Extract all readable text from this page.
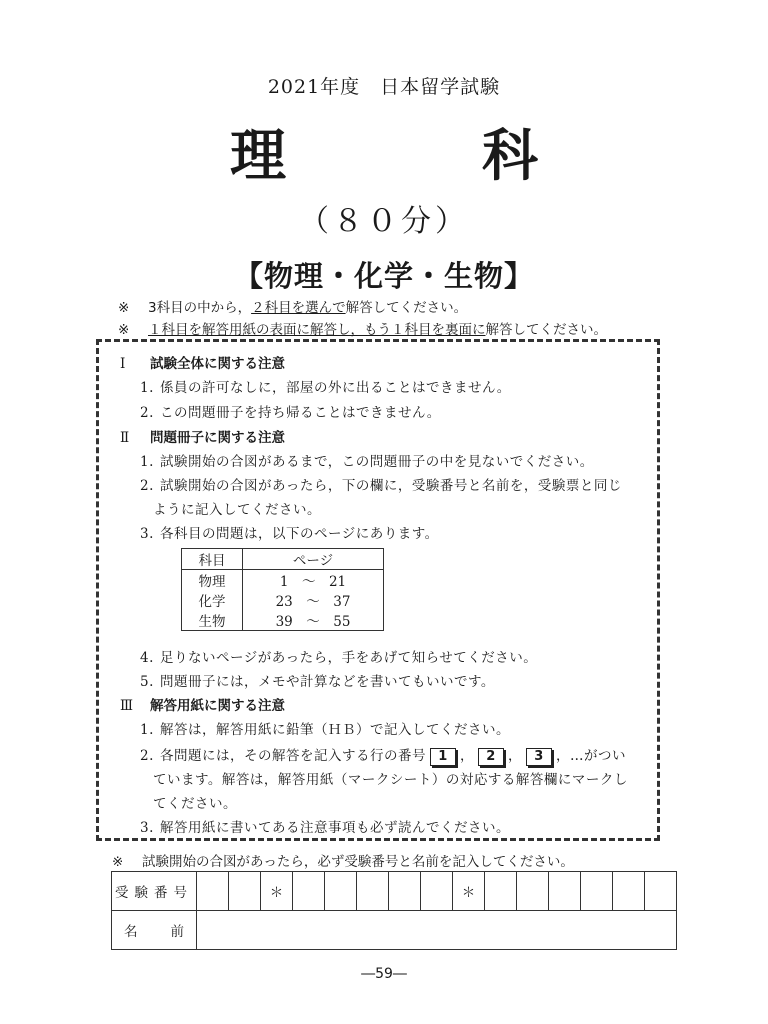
2021年度　日本留学試験
理　科
（８０分）
【物理・化学・生物】
※ 3科目の中から，２科目を選んで解答してください。
※ １科目を解答用紙の表面に解答し，もう１科目を裏面に解答してください。
Ⅰ 試験全体に関する注意
1. 係員の許可なしに，部屋の外に出ることはできません。
2. この問題冊子を持ち帰ることはできません。
Ⅱ 問題冊子に関する注意
1. 試験開始の合図があるまで，この問題冊子の中を見ないでください。
2. 試験開始の合図があったら，下の欄に，受験番号と名前を，受験票と同じ
ように記入してください。
3. 各科目の問題は，以下のページにあります。
科目	ページ
物理	1　 ～　 21
化学	23　 ～　 37
生物	39　 ～　 55
4. 足りないページがあったら，手をあげて知らせてください。
5. 問題冊子には，メモや計算などを書いてもいいです。
Ⅲ 解答用紙に関する注意
1. 解答は，解答用紙に鉛筆（ＨＢ）で記入してください。
2. 各問題には，その解答を記入する行の番号 1 ， 2 ， 3 ，…がつい
ています。解答は，解答用紙（マークシート）の対応する解答欄にマークし
てください。
3. 解答用紙に書いてある注意事項も必ず読んでください。
※ 試験開始の合図があったら，必ず受験番号と名前を記入してください。
受験番号			＊						＊						

名 前															

―59―
